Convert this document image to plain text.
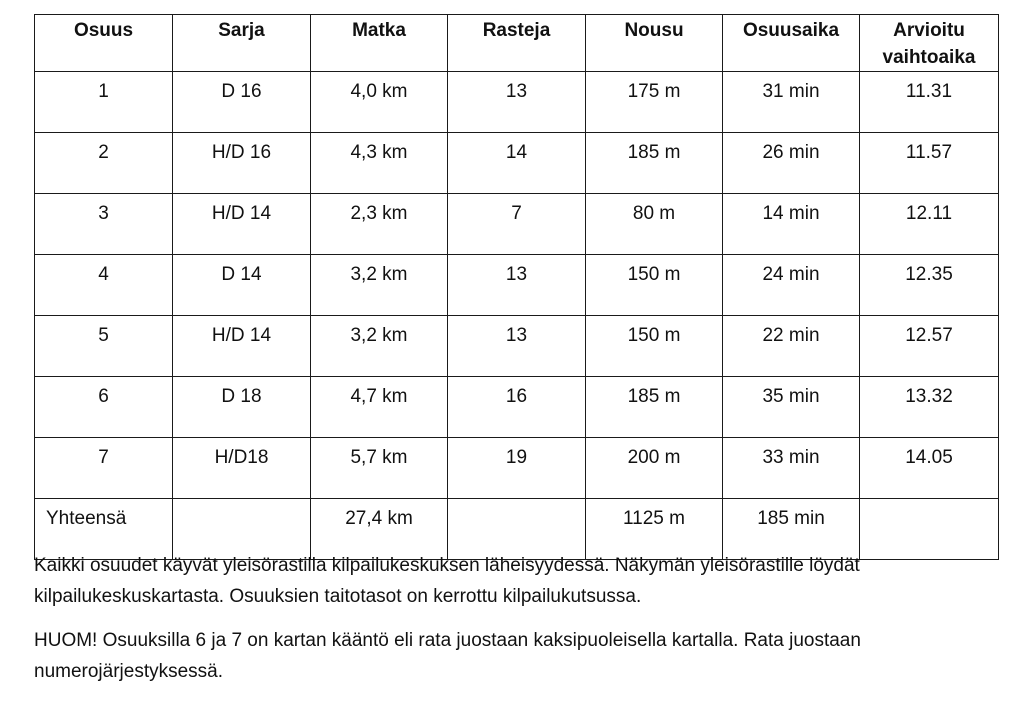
Osuus	Sarja	Matka	Rasteja	Nousu	Osuusaika	Arvioitu vaihtoaika
1	D 16	4,0 km	13	175 m	31 min	11.31
2	H/D 16	4,3 km	14	185 m	26 min	11.57
3	H/D 14	2,3 km	7	80 m	14 min	12.11
4	D 14	3,2 km	13	150 m	24 min	12.35
5	H/D 14	3,2 km	13	150 m	22 min	12.57
6	D 18	4,7 km	16	185 m	35 min	13.32
7	H/D18	5,7 km	19	200 m	33 min	14.05
Yhteensä		27,4 km		1125 m	185 min	

Kaikki osuudet käyvät yleisörastilla kilpailukeskuksen läheisyydessä. Näkymän yleisörastille löydät kilpailukeskuskartasta. Osuuksien taitotasot on kerrottu kilpailukutsussa.

HUOM! Osuuksilla 6 ja 7 on kartan kääntö eli rata juostaan kaksipuoleisella kartalla. Rata juostaan numerojärjestyksessä.
